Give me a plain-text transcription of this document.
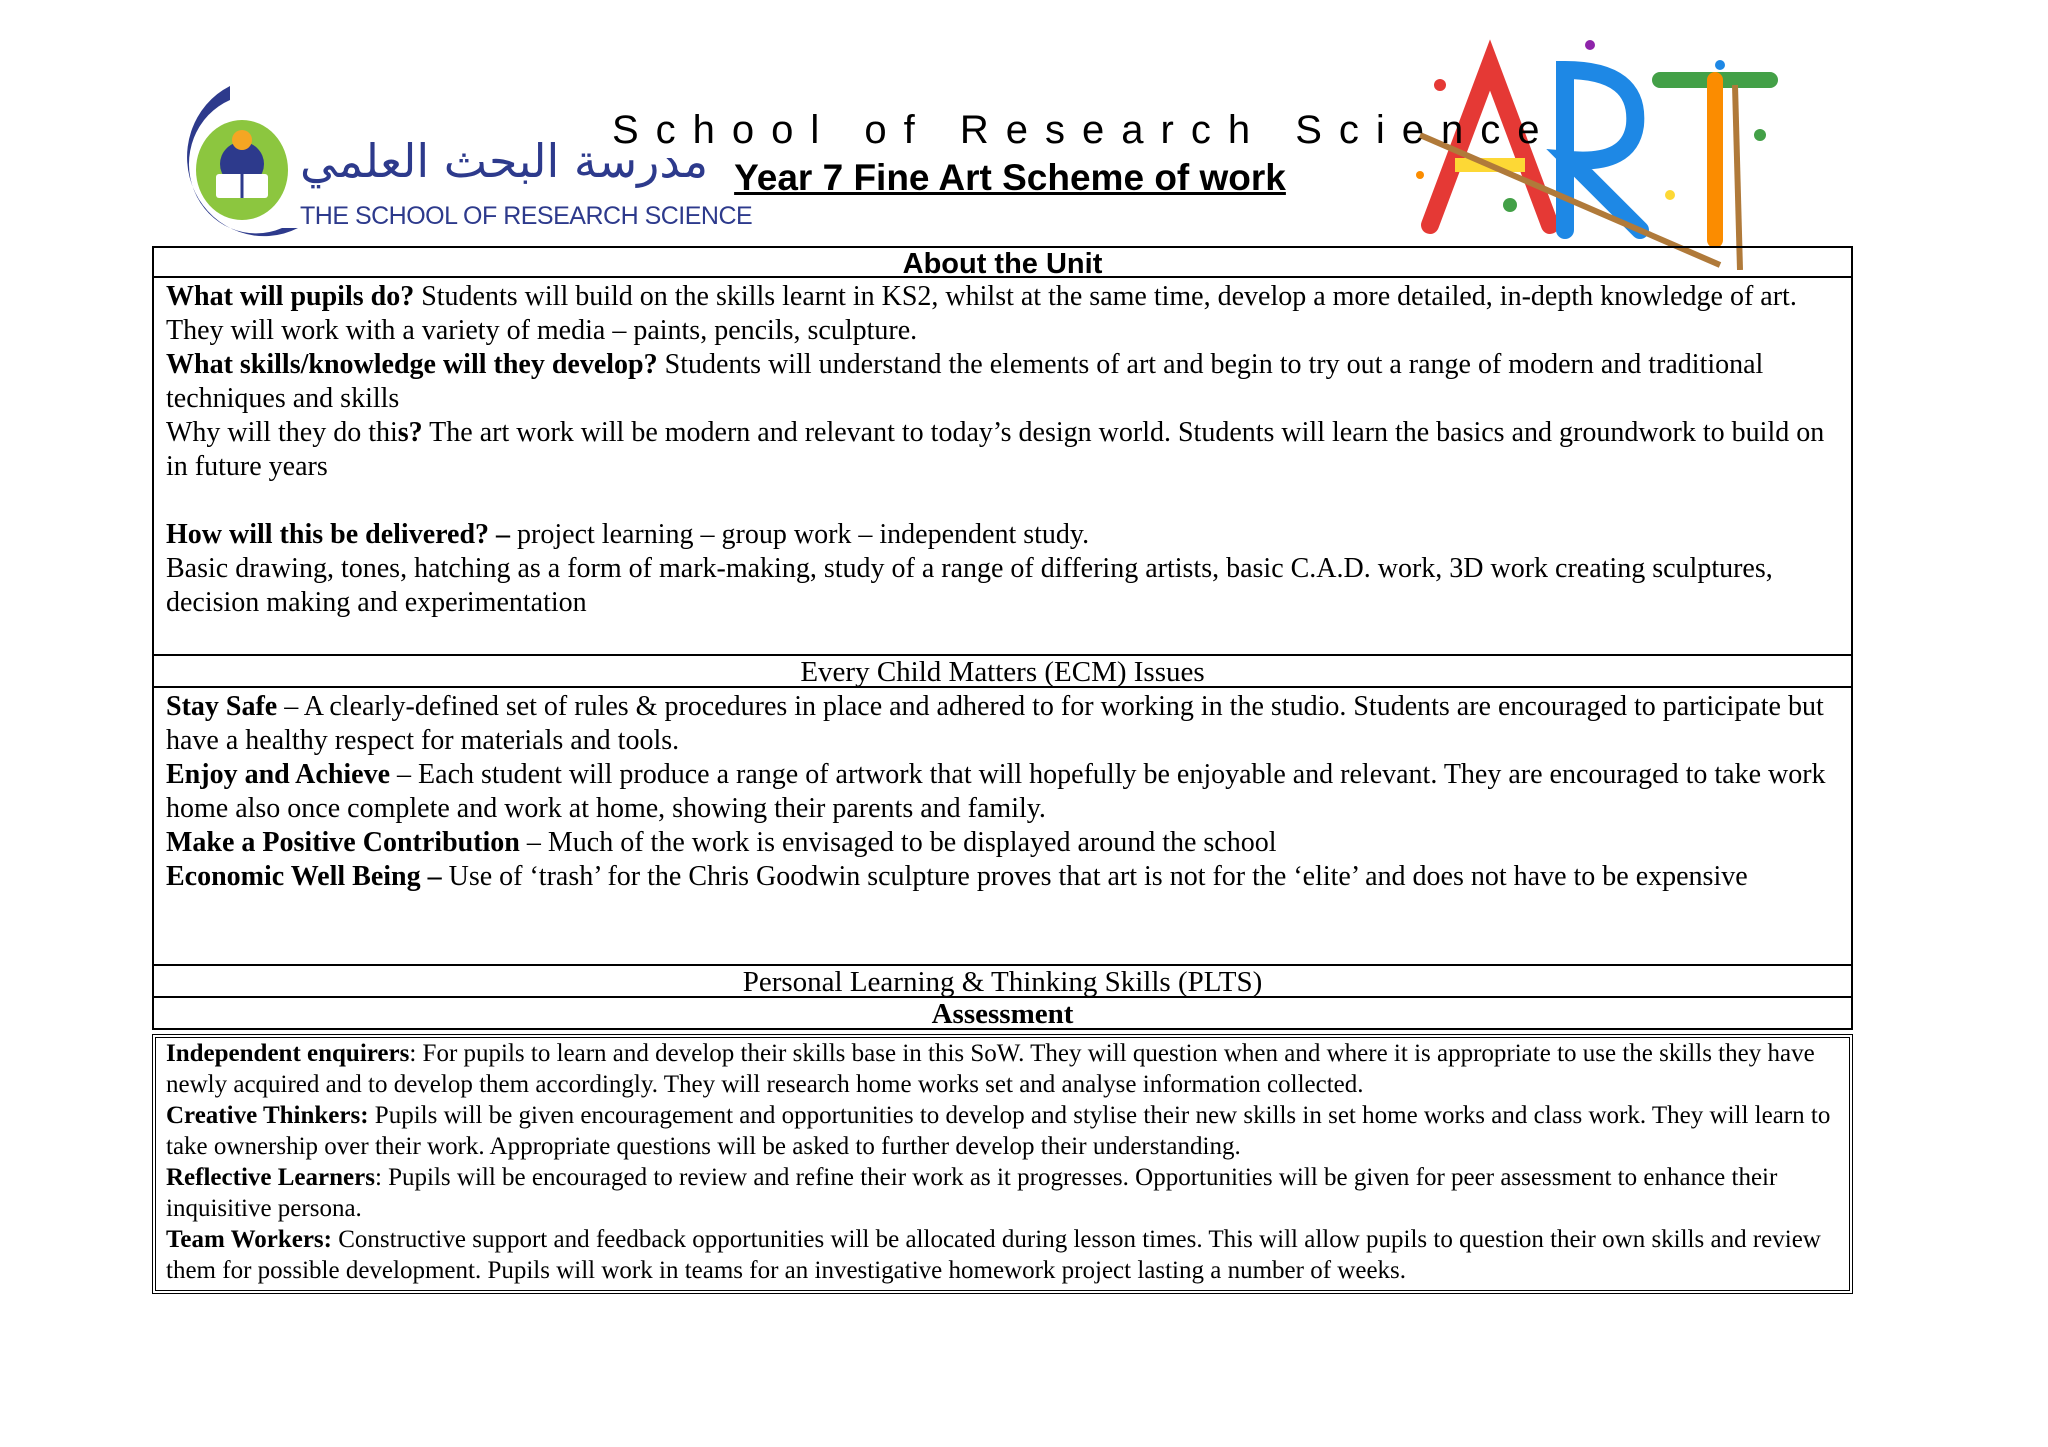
مدرسة البحث العلمي
THE SCHOOL OF RESEARCH SCIENCE
School of Research Science
Year 7 Fine Art Scheme of work
About the Unit

What will pupils do? Students will build on the skills learnt in KS2, whilst at the same time, develop a more detailed, in-depth knowledge of art. They will work with a variety of media – paints, pencils, sculpture.

What skills/knowledge will they develop? Students will understand the elements of art and begin to try out a range of modern and traditional techniques and skills

Why will they do this? The art work will be modern and relevant to today’s design world. Students will learn the basics and groundwork to build on in future years

How will this be delivered? – project learning – group work – independent study.

Basic drawing, tones, hatching as a form of mark-making, study of a range of differing artists, basic C.A.D. work, 3D work creating sculptures, decision making and experimentation

Every Child Matters (ECM) Issues

Stay Safe – A clearly-defined set of rules & procedures in place and adhered to for working in the studio. Students are encouraged to participate but have a healthy respect for materials and tools.

Enjoy and Achieve – Each student will produce a range of artwork that will hopefully be enjoyable and relevant. They are encouraged to take work home also once complete and work at home, showing their parents and family.

Make a Positive Contribution – Much of the work is envisaged to be displayed around the school

Economic Well Being – Use of ‘trash’ for the Chris Goodwin sculpture proves that art is not for the ‘elite’ and does not have to be expensive

Personal Learning & Thinking Skills (PLTS)
Assessment

Independent enquirers: For pupils to learn and develop their skills base in this SoW. They will question when and where it is appropriate to use the skills they have newly acquired and to develop them accordingly. They will research home works set and analyse information collected.

Creative Thinkers: Pupils will be given encouragement and opportunities to develop and stylise their new skills in set home works and class work. They will learn to take ownership over their work. Appropriate questions will be asked to further develop their understanding.

Reflective Learners: Pupils will be encouraged to review and refine their work as it progresses. Opportunities will be given for peer assessment to enhance their inquisitive persona.

Team Workers: Constructive support and feedback opportunities will be allocated during lesson times. This will allow pupils to question their own skills and review them for possible development. Pupils will work in teams for an investigative homework project lasting a number of weeks.
